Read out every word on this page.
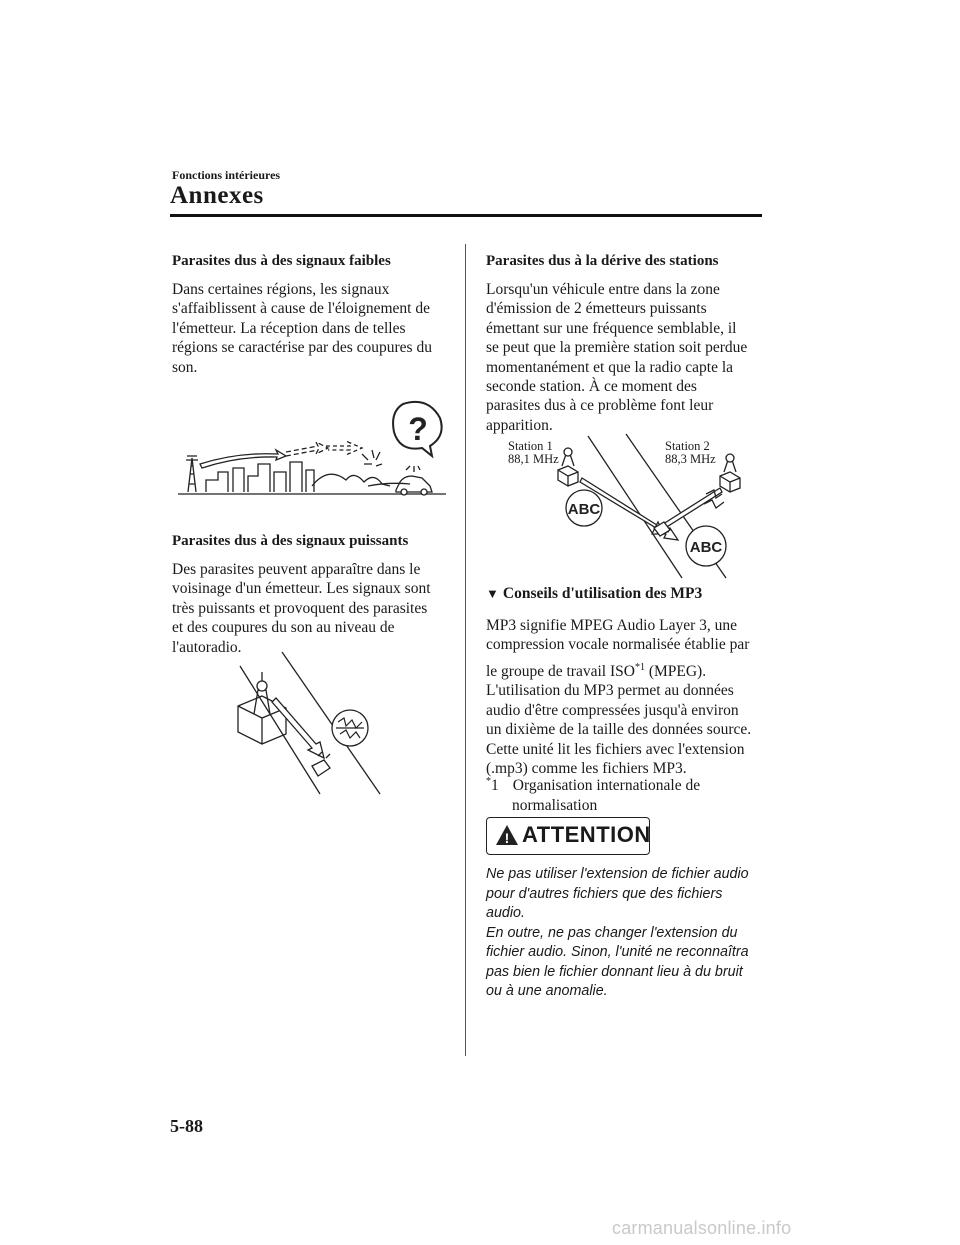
Fonctions intérieures
Annexes
Parasites dus à des signaux faibles

Dans certaines régions, les signaux

s'affaiblissent à cause de l'éloignement de

l'émetteur. La réception dans de telles

régions se caractérise par des coupures du

son.

?
Parasites dus à des signaux puissants

Des parasites peuvent apparaître dans le

voisinage d'un émetteur. Les signaux sont

très puissants et provoquent des parasites

et des coupures du son au niveau de

l'autoradio.

Parasites dus à la dérive des stations

Lorsqu'un véhicule entre dans la zone

d'émission de 2 émetteurs puissants

émettant sur une fréquence semblable, il

se peut que la première station soit perdue

momentanément et que la radio capte la

seconde station. À ce moment des

parasites dus à ce problème font leur

apparition.

Station 1
88,1 MHz
Station 2
88,3 MHz
ABC
ABC
▼ Conseils d'utilisation des MP3

MP3 signifie MPEG Audio Layer 3, une

compression vocale normalisée établie par

le groupe de travail ISO$^{*1}$ (MPEG).

L'utilisation du MP3 permet au données

audio d'être compressées jusqu'à environ

un dixième de la taille des données source.

Cette unité lit les fichiers avec l'extension

(.mp3) comme les fichiers MP3.

*1 Organisation internationale de
normalisation
! ATTENTION
Ne pas utiliser l'extension de fichier audio
pour d'autres fichiers que des fichiers audio.
En outre, ne pas changer l'extension du
fichier audio. Sinon, l'unité ne reconnaîtra
pas bien le fichier donnant lieu à du bruit
ou à une anomalie.
5-88
carmanualsonline.info
